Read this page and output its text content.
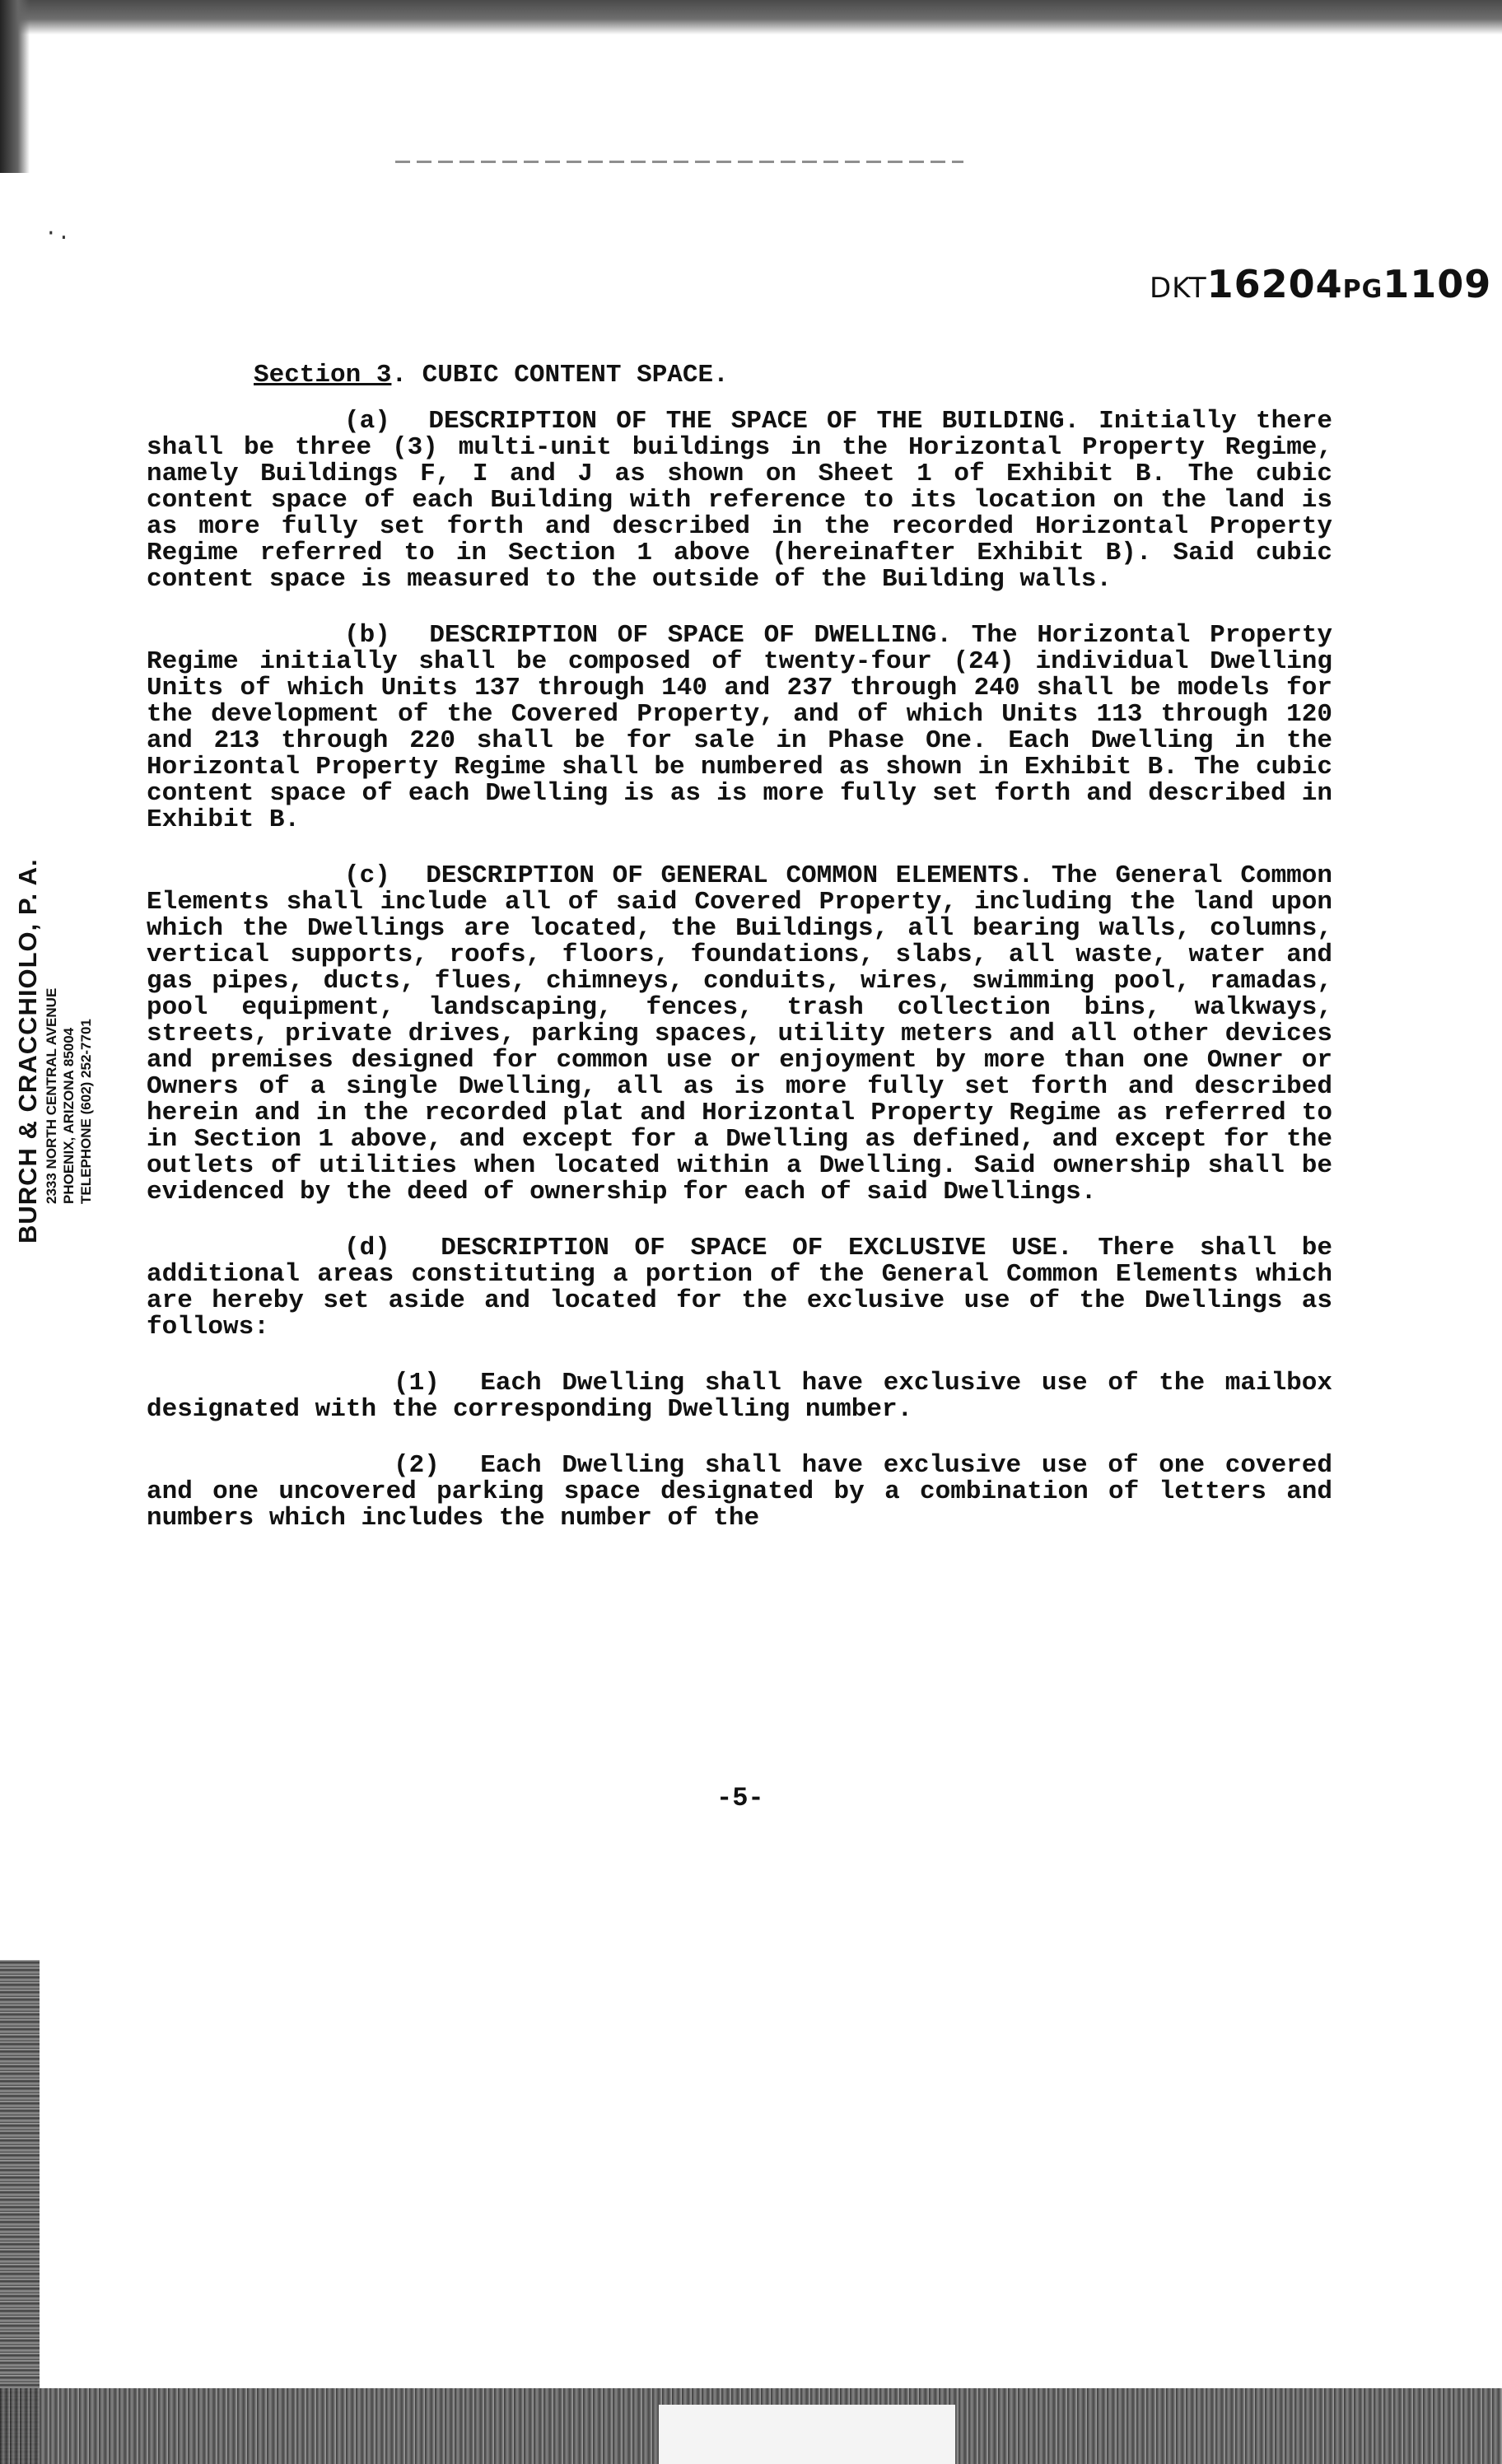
·.
DKT16204PG1109
BURCH & CRACCHIOLO, P. A. 2333 NORTH CENTRAL AVENUE PHOENIX, ARIZONA 85004 TELEPHONE (602) 252-7701
Section 3. CUBIC CONTENT SPACE.

(a) DESCRIPTION OF THE SPACE OF THE BUILDING. Initially there shall be three (3) multi-unit buildings in the Horizontal Property Regime, namely Buildings F, I and J as shown on Sheet 1 of Exhibit B. The cubic content space of each Building with reference to its location on the land is as more fully set forth and described in the recorded Horizontal Property Regime referred to in Section 1 above (hereinafter Exhibit B). Said cubic content space is measured to the outside of the Building walls.

(b) DESCRIPTION OF SPACE OF DWELLING. The Horizontal Property Regime initially shall be composed of twenty-four (24) individual Dwelling Units of which Units 137 through 140 and 237 through 240 shall be models for the development of the Covered Property, and of which Units 113 through 120 and 213 through 220 shall be for sale in Phase One. Each Dwelling in the Horizontal Property Regime shall be numbered as shown in Exhibit B. The cubic content space of each Dwelling is as is more fully set forth and described in Exhibit B.

(c) DESCRIPTION OF GENERAL COMMON ELEMENTS. The General Common Elements shall include all of said Covered Property, including the land upon which the Dwellings are located, the Buildings, all bearing walls, columns, vertical supports, roofs, floors, foundations, slabs, all waste, water and gas pipes, ducts, flues, chimneys, conduits, wires, swimming pool, ramadas, pool equipment, landscaping, fences, trash collection bins, walkways, streets, private drives, parking spaces, utility meters and all other devices and premises designed for common use or enjoyment by more than one Owner or Owners of a single Dwelling, all as is more fully set forth and described herein and in the recorded plat and Horizontal Property Regime as referred to in Section 1 above, and except for a Dwelling as defined, and except for the outlets of utilities when located within a Dwelling. Said ownership shall be evidenced by the deed of ownership for each of said Dwellings.

(d) DESCRIPTION OF SPACE OF EXCLUSIVE USE. There shall be additional areas constituting a portion of the General Common Elements which are hereby set aside and located for the exclusive use of the Dwellings as follows:

(1) Each Dwelling shall have exclusive use of the mailbox designated with the corresponding Dwelling number.

(2) Each Dwelling shall have exclusive use of one covered and one uncovered parking space designated by a combination of letters and numbers which includes the number of the

-5-
